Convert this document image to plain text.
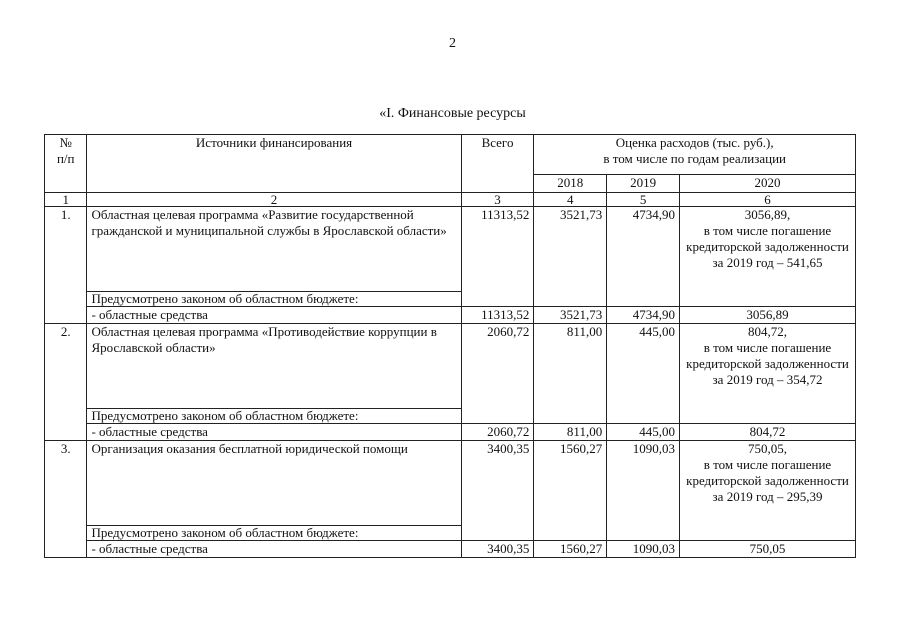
2
«I. Финансовые ресурсы
№
п/п	Источники финансирования	Всего	Оценка расходов (тыс. руб.),
в том числе по годам реализации		
			2018	2019	2020
1	2	3	4	5	6
1.	Областная целевая программа «Развитие государственной гражданской и муниципальной службы в Ярославской области»	11313,52	3521,73	4734,90	3056,89,
в том числе погашение кредиторской задолженности
за 2019 год – 541,65
	Предусмотрено законом об областном бюджете:				
	- областные средства	11313,52	3521,73	4734,90	3056,89
2.	Областная целевая программа «Противодействие коррупции в Ярославской области»	2060,72	811,00	445,00	804,72,
в том числе погашение кредиторской задолженности
за 2019 год – 354,72
	Предусмотрено законом об областном бюджете:				
	- областные средства	2060,72	811,00	445,00	804,72
3.	Организация оказания бесплатной юридической помощи	3400,35	1560,27	1090,03	750,05,
в том числе погашение кредиторской задолженности
за 2019 год – 295,39
	Предусмотрено законом об областном бюджете:				
	- областные средства	3400,35	1560,27	1090,03	750,05
